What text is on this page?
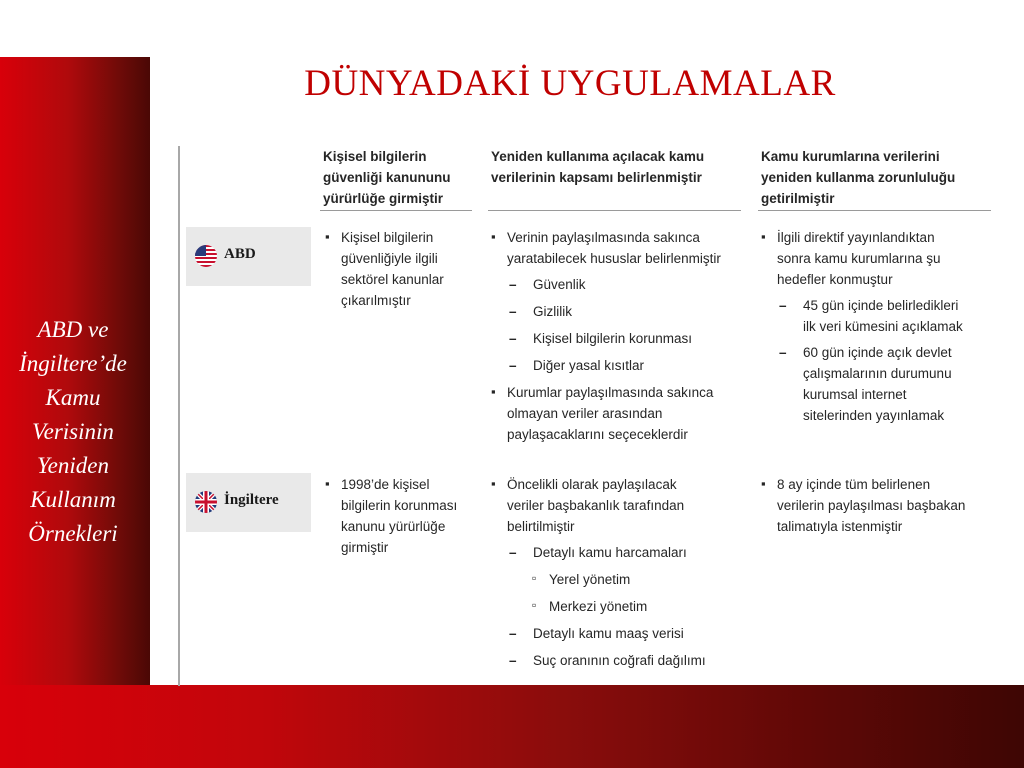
ABD ve
İngiltere’de
Kamu
Verisinin
Yeniden
Kullanım
Örnekleri
DÜNYADAKİ UYGULAMALAR
Kişisel bilgilerin
güvenliği kanununu
yürürlüğe girmiştir
Yeniden kullanıma açılacak kamu
verilerinin kapsamı belirlenmiştir
Kamu kurumlarına verilerini
yeniden kullanma zorunluluğu
getirilmiştir
ABD
▪ Kişisel bilgilerin
güvenliğiyle ilgili
sektörel kanunlar
çıkarılmıştır
▪ Verinin paylaşılmasında sakınca
yaratabilecek hususlar belirlenmiştir
– Güvenlik
– Gizlilik
– Kişisel bilgilerin korunması
– Diğer yasal kısıtlar
▪ Kurumlar paylaşılmasında sakınca
olmayan veriler arasından
paylaşacaklarını seçeceklerdir
▪ İlgili direktif yayınlandıktan
sonra kamu kurumlarına şu
hedefler konmuştur
– 45 gün içinde belirledikleri
ilk veri kümesini açıklamak
– 60 gün içinde açık devlet
çalışmalarının durumunu
kurumsal internet
sitelerinden yayınlamak
İngiltere
▪ 1998’de kişisel
bilgilerin korunması
kanunu yürürlüğe
girmiştir
▪ Öncelikli olarak paylaşılacak
veriler başbakanlık tarafından
belirtilmiştir
– Detaylı kamu harcamaları
▫ Yerel yönetim
▫ Merkezi yönetim
– Detaylı kamu maaş verisi
– Suç oranının coğrafi dağılımı
▪ 8 ay içinde tüm belirlenen
verilerin paylaşılması başbakan
talimatıyla istenmiştir
